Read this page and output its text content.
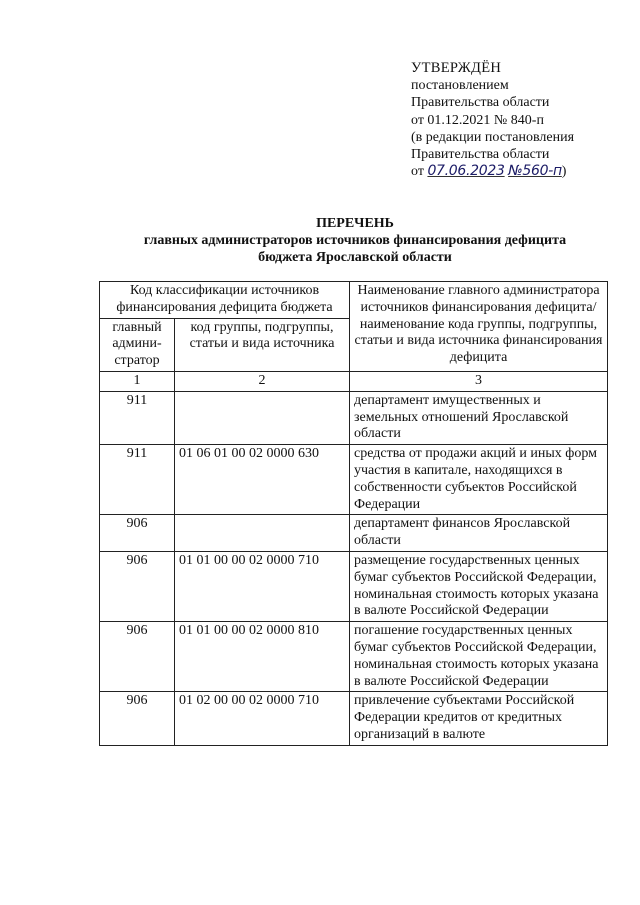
УТВЕРЖДЁН
постановлением
Правительства области
от 01.12.2021 № 840-п
(в редакции постановления
Правительства области
от 07.06.2023 №560-п)
ПЕРЕЧЕНЬ
главных администраторов источников финансирования дефицита
бюджета Ярославской области
Код классификации источников финансирования дефицита бюджета		Наименование главного администратора источников финансирования дефицита/ наименование кода группы, подгруппы, статьи и вида источника финансирования дефицита
главный админи-стратор	код группы, подгруппы, статьи и вида источника	
1	2	3
911		департамент имущественных и земельных отношений Ярославской области
911	01 06 01 00 02 0000 630	средства от продажи акций и иных форм участия в капитале, находящихся в собственности субъектов Российской Федерации
906		департамент финансов Ярославской области
906	01 01 00 00 02 0000 710	размещение государственных ценных бумаг субъектов Российской Федерации, номинальная стоимость которых указана в валюте Российской Федерации
906	01 01 00 00 02 0000 810	погашение государственных ценных бумаг субъектов Российской Федерации, номинальная стоимость которых указана в валюте Российской Федерации
906	01 02 00 00 02 0000 710	привлечение субъектами Российской Федерации кредитов от кредитных организаций в валюте
